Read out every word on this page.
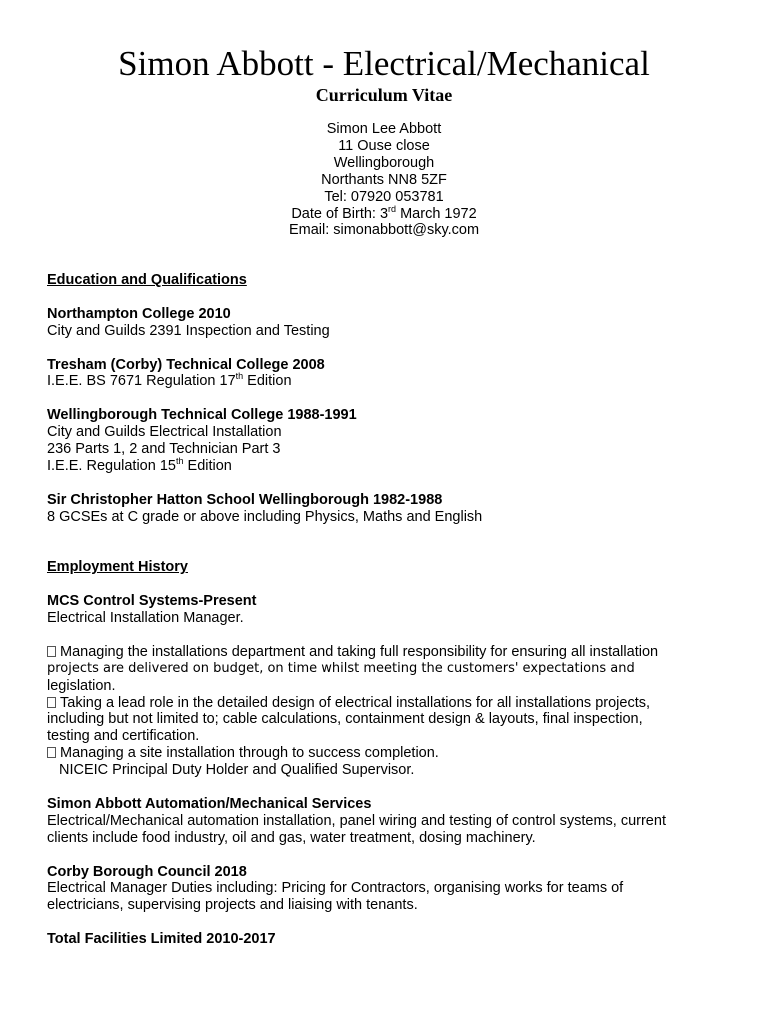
Simon Abbott - Electrical/Mechanical
Curriculum Vitae
Simon Lee Abbott
11 Ouse close
Wellingborough
Northants NN8 5ZF
Tel: 07920 053781
Date of Birth: 3rd March 1972
Email: simonabbott@sky.com
Education and Qualifications
Northampton College 2010
City and Guilds 2391 Inspection and Testing
Tresham (Corby) Technical College 2008
I.E.E. BS 7671 Regulation 17th Edition
Wellingborough Technical College 1988-1991
City and Guilds Electrical Installation
236 Parts 1, 2 and Technician Part 3
I.E.E. Regulation 15th Edition
Sir Christopher Hatton School Wellingborough 1982-1988
8 GCSEs at C grade or above including Physics, Maths and English
Employment History
MCS Control Systems-Present
Electrical Installation Manager.
Managing the installations department and taking full responsibility for ensuring all installation
projects are delivered on budget, on time whilst meeting the customers' expectations and
legislation.
Taking a lead role in the detailed design of electrical installations for all installations projects,
including but not limited to; cable calculations, containment design & layouts, final inspection,
testing and certification.
Managing a site installation through to success completion.
NICEIC Principal Duty Holder and Qualified Supervisor.
Simon Abbott Automation/Mechanical Services
Electrical/Mechanical automation installation, panel wiring and testing of control systems, current
clients include food industry, oil and gas, water treatment, dosing machinery.
Corby Borough Council 2018
Electrical Manager Duties including: Pricing for Contractors, organising works for teams of
electricians, supervising projects and liaising with tenants.
Total Facilities Limited 2010-2017
